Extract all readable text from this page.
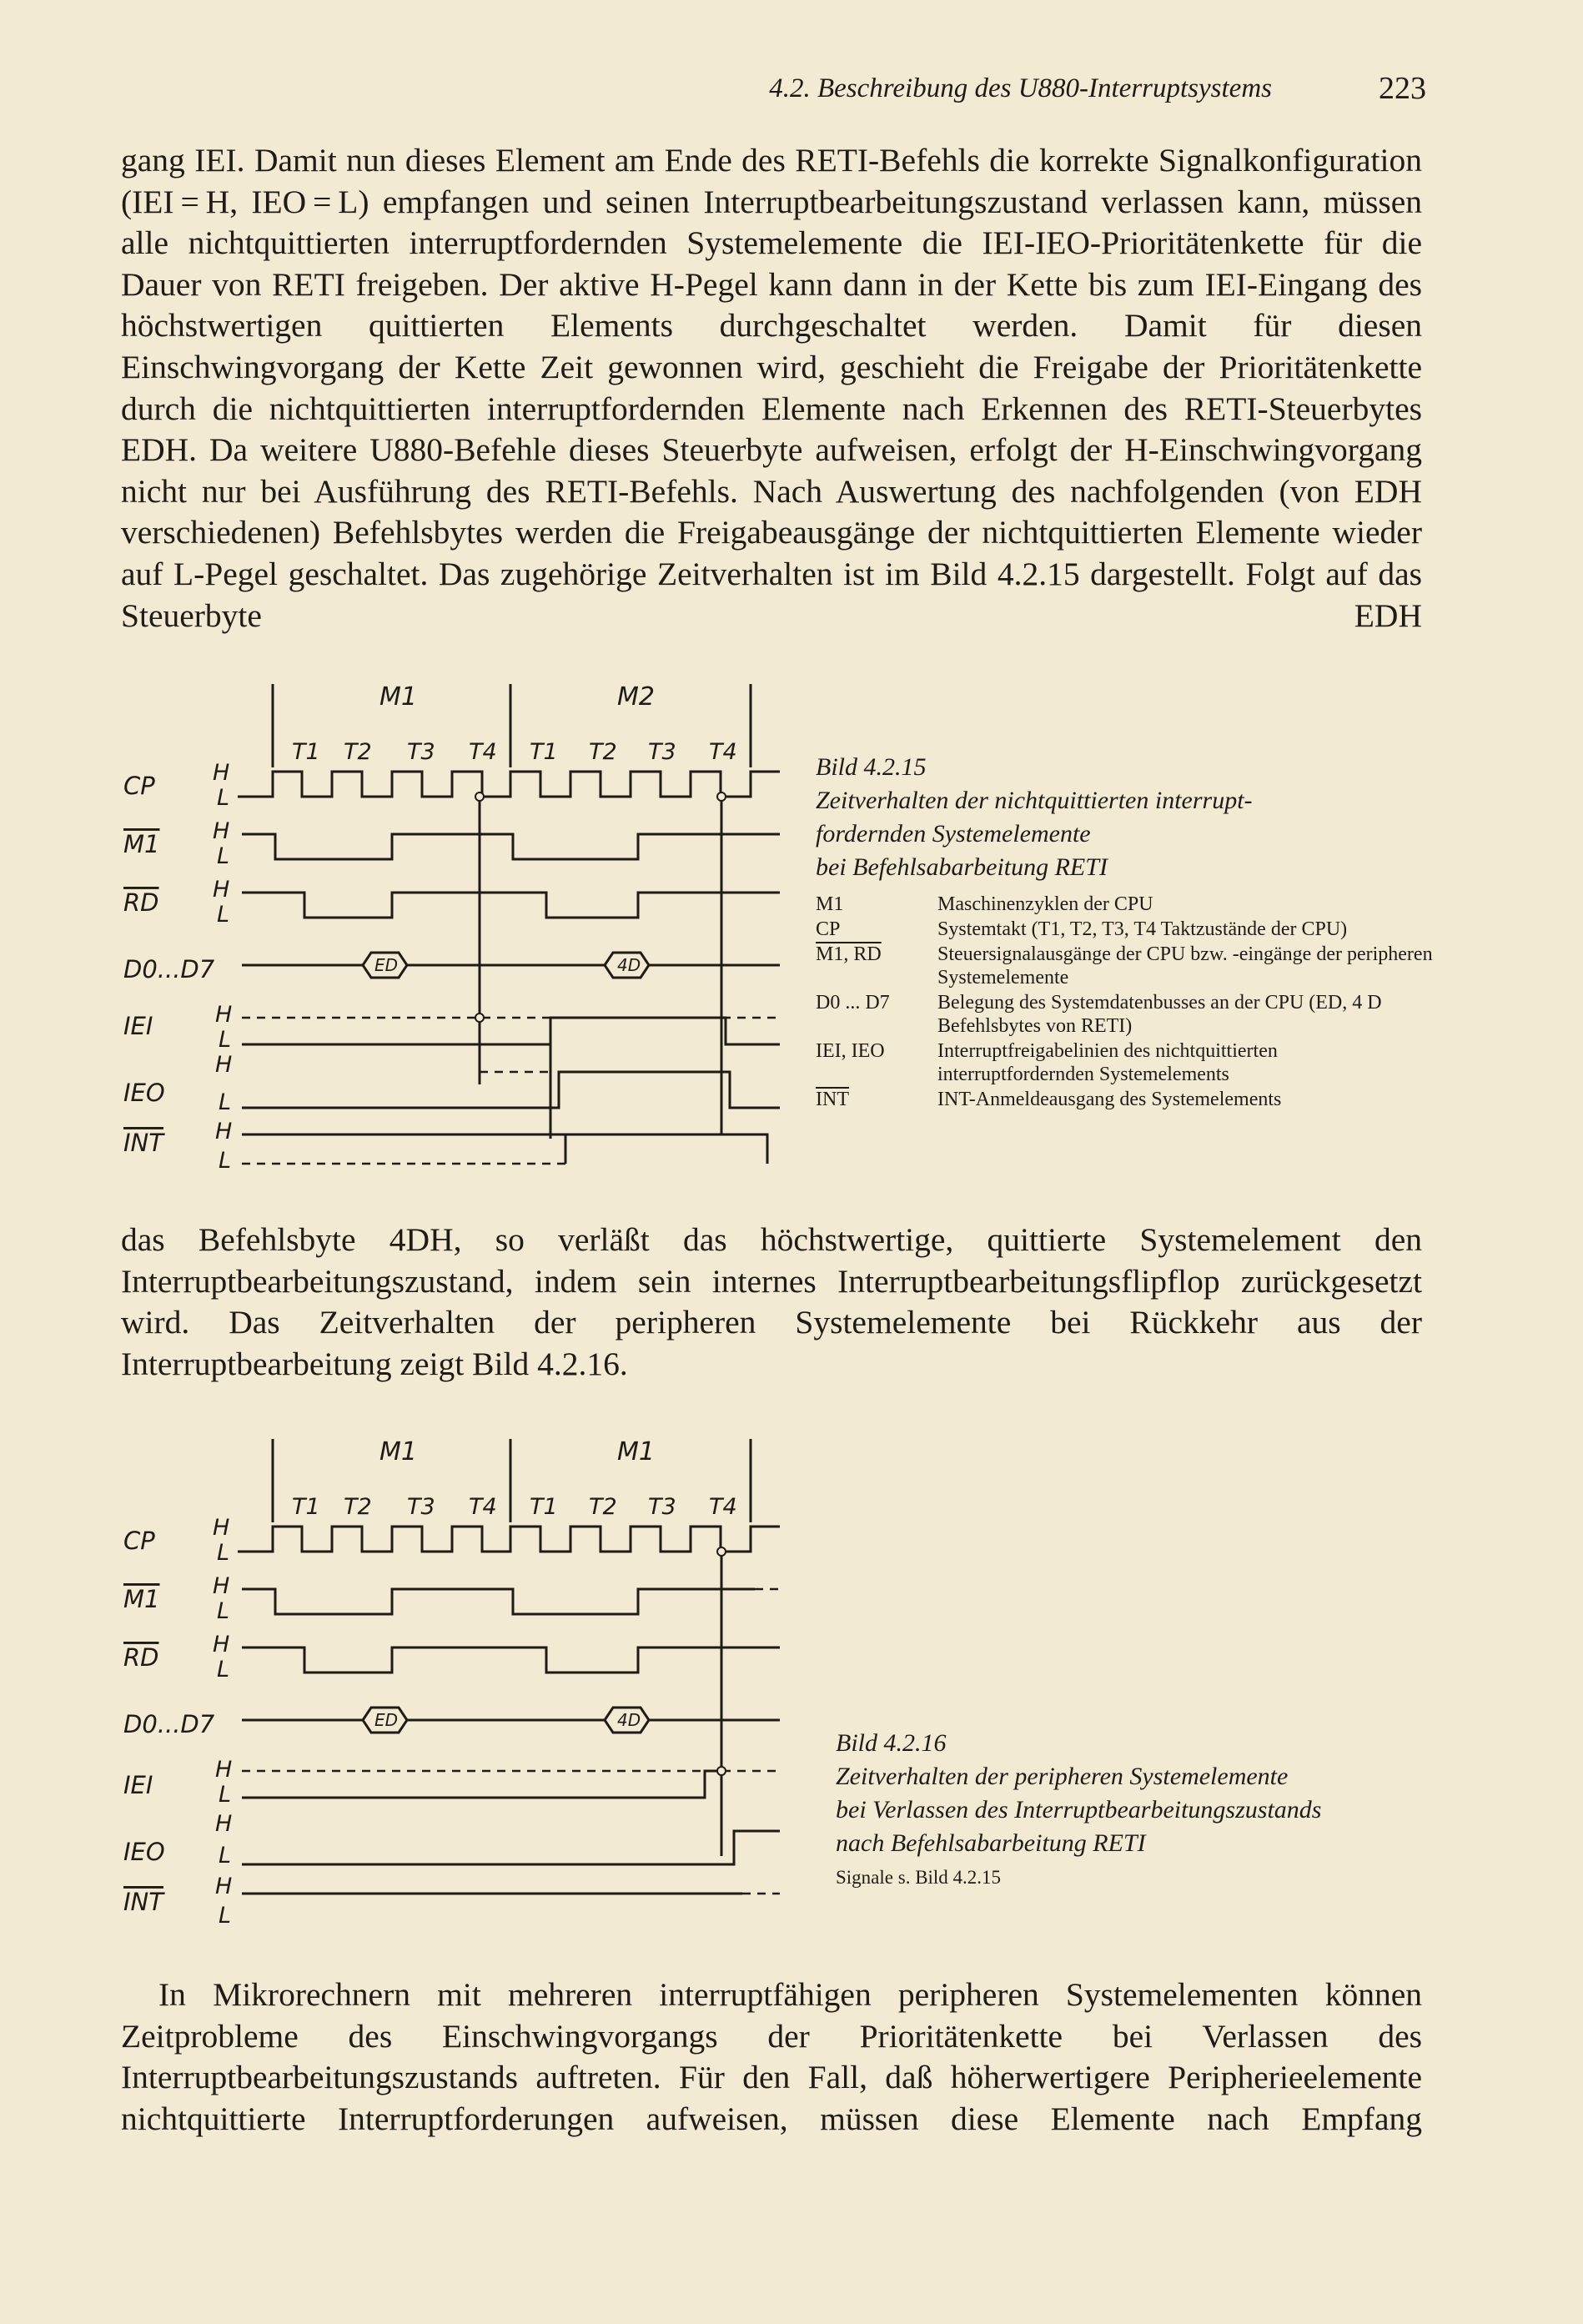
4.2. Beschreibung des U880-Interruptsystems	223

gang IEI. Damit nun dieses Element am Ende des RETI-Befehls die korrekte Signalkonfiguration (IEI = H, IEO = L) empfangen und seinen Interruptbearbeitungszustand verlassen kann, müssen alle nichtquittierten interruptfordernden Systemelemente die IEI-IEO-Prioritätenkette für die Dauer von RETI freigeben. Der aktive H-Pegel kann dann in der Kette bis zum IEI-Eingang des höchstwertigen quittierten Elements durchgeschaltet werden. Damit für diesen Einschwingvorgang der Kette Zeit gewonnen wird, geschieht die Freigabe der Prioritätenkette durch die nichtquittierten interruptfordernden Elemente nach Erkennen des RETI-Steuerbytes EDH. Da weitere U880-Befehle dieses Steuerbyte aufweisen, erfolgt der H-Einschwingvorgang nicht nur bei Ausführung des RETI-Befehls. Nach Auswertung des nachfolgenden (von EDH verschiedenen) Befehlsbytes werden die Freigabeausgänge der nichtquittierten Elemente wieder auf L-Pegel geschaltet. Das zugehörige Zeitverhalten ist im Bild 4.2.15 dargestellt. Folgt auf das Steuerbyte EDH

M1	M2
T1 T2 T3 T4 T1 T2 T3 T4
CP
M1
RD
D0...D7
IEI
IEO
INT
H
L
H
L
H
L
H
L
H
L
H
L
ED	4D
Bild 4.2.15
Zeitverhalten der nichtquittierten interrupt-
fordernden Systemelemente
bei Befehlsabarbeitung RETI
M1	Maschinenzyklen der CPU
CP	Systemtakt (T1, T2, T3, T4 Taktzustände der CPU)
M1, RD	Steuersignalausgänge der CPU bzw. -eingänge der peripheren Systemelemente
D0 ... D7	Belegung des Systemdatenbusses an der CPU (ED, 4 D Befehlsbytes von RETI)
IEI, IEO	Interruptfreigabelinien des nichtquittierten interruptfordernden Systemelements
$\overline{INT}$	INT-Anmeldeausgang des Systemelements

das Befehlsbyte 4DH, so verläßt das höchstwertige, quittierte Systemelement den Interruptbearbeitungszustand, indem sein internes Interruptbearbeitungsflipflop zurückgesetzt wird. Das Zeitverhalten der peripheren Systemelemente bei Rückkehr aus der Interruptbearbeitung zeigt Bild 4.2.16.

M1	M1
T1 T2 T3 T4 T1 T2 T3 T4
CP
M1
RD
D0...D7
IEI
IEO
INT
H
L
H
L
H
L
H
L
H
L
H
L
ED	4D
Bild 4.2.16
Zeitverhalten der peripheren Systemelemente
bei Verlassen des Interruptbearbeitungszustands
nach Befehlsabarbeitung RETI
Signale s. Bild 4.2.15

In Mikrorechnern mit mehreren interruptfähigen peripheren Systemelementen können Zeitprobleme des Einschwingvorgangs der Prioritätenkette bei Verlassen des Interruptbearbeitungszustands auftreten. Für den Fall, daß höherwertigere Peripherieelemente nichtquittierte Interruptforderungen aufweisen, müssen diese Elemente nach Empfang
